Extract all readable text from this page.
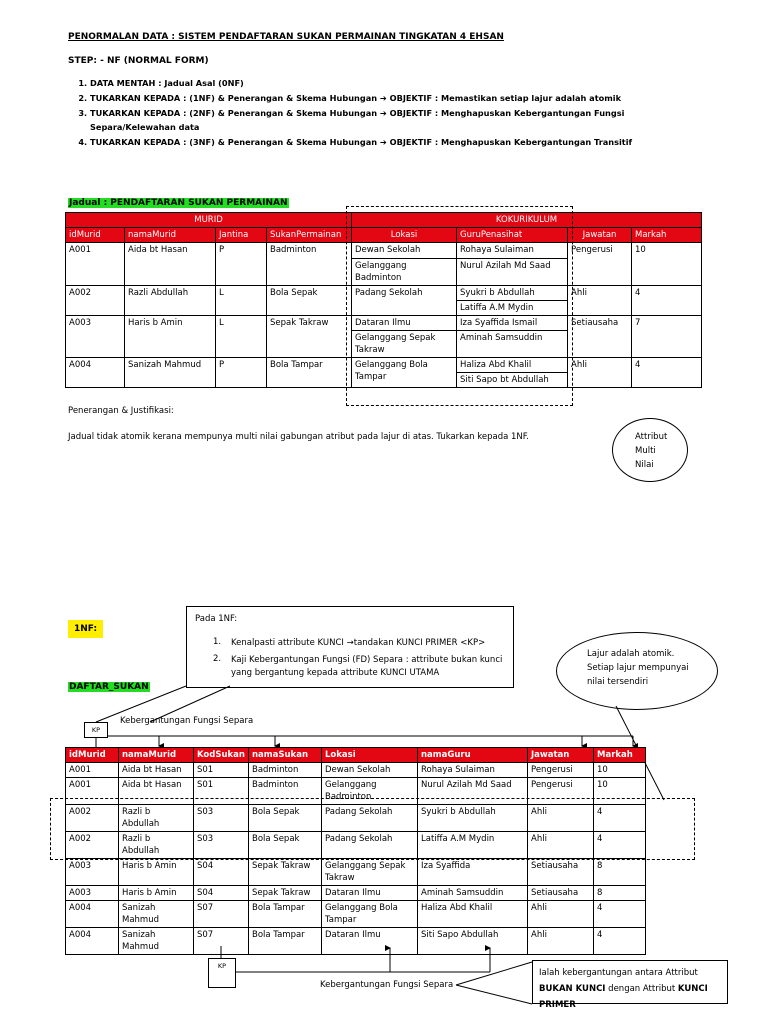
PENORMALAN DATA : SISTEM PENDAFTARAN SUKAN PERMAINAN TINGKATAN 4 EHSAN
STEP: - NF (NORMAL FORM)
1. DATA MENTAH : Jadual Asal (0NF)
2. TUKARKAN KEPADA : (1NF) & Penerangan & Skema Hubungan ➔ OBJEKTIF : Memastikan setiap lajur adalah atomik
3. TUKARKAN KEPADA : (2NF) & Penerangan & Skema Hubungan ➔ OBJEKTIF : Menghapuskan Kebergantungan Fungsi Separa/Kelewahan data
4. TUKARKAN KEPADA : (3NF) & Penerangan & Skema Hubungan ➔ OBJEKTIF : Menghapuskan Kebergantungan Transitif
Jadual : PENDAFTARAN SUKAN PERMAINAN
MURID				KOKURIKULUM			
idMurid	namaMurid	Jantina	SukanPermainan	Lokasi	GuruPenasihat	Jawatan	Markah
A001	Aida bt Hasan	P	Badminton	Dewan Sekolah	Rohaya Sulaiman	Pengerusi	10
				Gelanggang Badminton	Nurul Azilah Md Saad		
A002	Razli Abdullah	L	Bola Sepak	Padang Sekolah	Syukri b Abdullah	Ahli	4
					Latiffa A.M Mydin		
A003	Haris b Amin	L	Sepak Takraw	Dataran Ilmu	Iza Syaffida Ismail	Setiausaha	7
				Gelanggang Sepak Takraw	Aminah Samsuddin		
A004	Sanizah Mahmud	P	Bola Tampar	Gelanggang Bola Tampar	Haliza Abd Khalil	Ahli	4
					Siti Sapo bt Abdullah		
Penerangan & Justifikasi:
Jadual tidak atomik kerana mempunya multi nilai gabungan atribut pada lajur di atas. Tukarkan kepada 1NF.	Attribut
Multi
Nilai
1NF:
DAFTAR_SUKAN
Pada 1NF:
1. Kenalpasti attribute KUNCI →tandakan KUNCI PRIMER <KP>
2. Kaji Kebergantungan Fungsi (FD) Separa : attribute bukan kunci yang bergantung kepada attribute KUNCI UTAMA
Lajur adalah atomik.
Setiap lajur mempunyai
nilai tersendiri
KP
Kebergantungan Fungsi Separa
idMurid	namaMurid	KodSukan	namaSukan	Lokasi	namaGuru	Jawatan	Markah
A001	Aida bt Hasan	S01	Badminton	Dewan Sekolah	Rohaya Sulaiman	Pengerusi	10
A001	Aida bt Hasan	S01	Badminton	Gelanggang Badminton	Nurul Azilah Md Saad	Pengerusi	10
A002	Razli b Abdullah	S03	Bola Sepak	Padang Sekolah	Syukri b Abdullah	Ahli	4
A002	Razli b Abdullah	S03	Bola Sepak	Padang Sekolah	Latiffa A.M Mydin	Ahli	4
A003	Haris b Amin	S04	Sepak Takraw	Gelanggang Sepak Takraw	Iza Syaffida	Setiausaha	8
A003	Haris b Amin	S04	Sepak Takraw	Dataran Ilmu	Aminah Samsuddin	Setiausaha	8
A004	Sanizah Mahmud	S07	Bola Tampar	Gelanggang Bola Tampar	Haliza Abd Khalil	Ahli	4
A004	Sanizah Mahmud	S07	Bola Tampar	Dataran Ilmu	Siti Sapo Abdullah	Ahli	4
KP
Kebergantungan Fungsi Separa
Ialah kebergantungan antara Attribut BUKAN KUNCI dengan Attribut KUNCI PRIMER
